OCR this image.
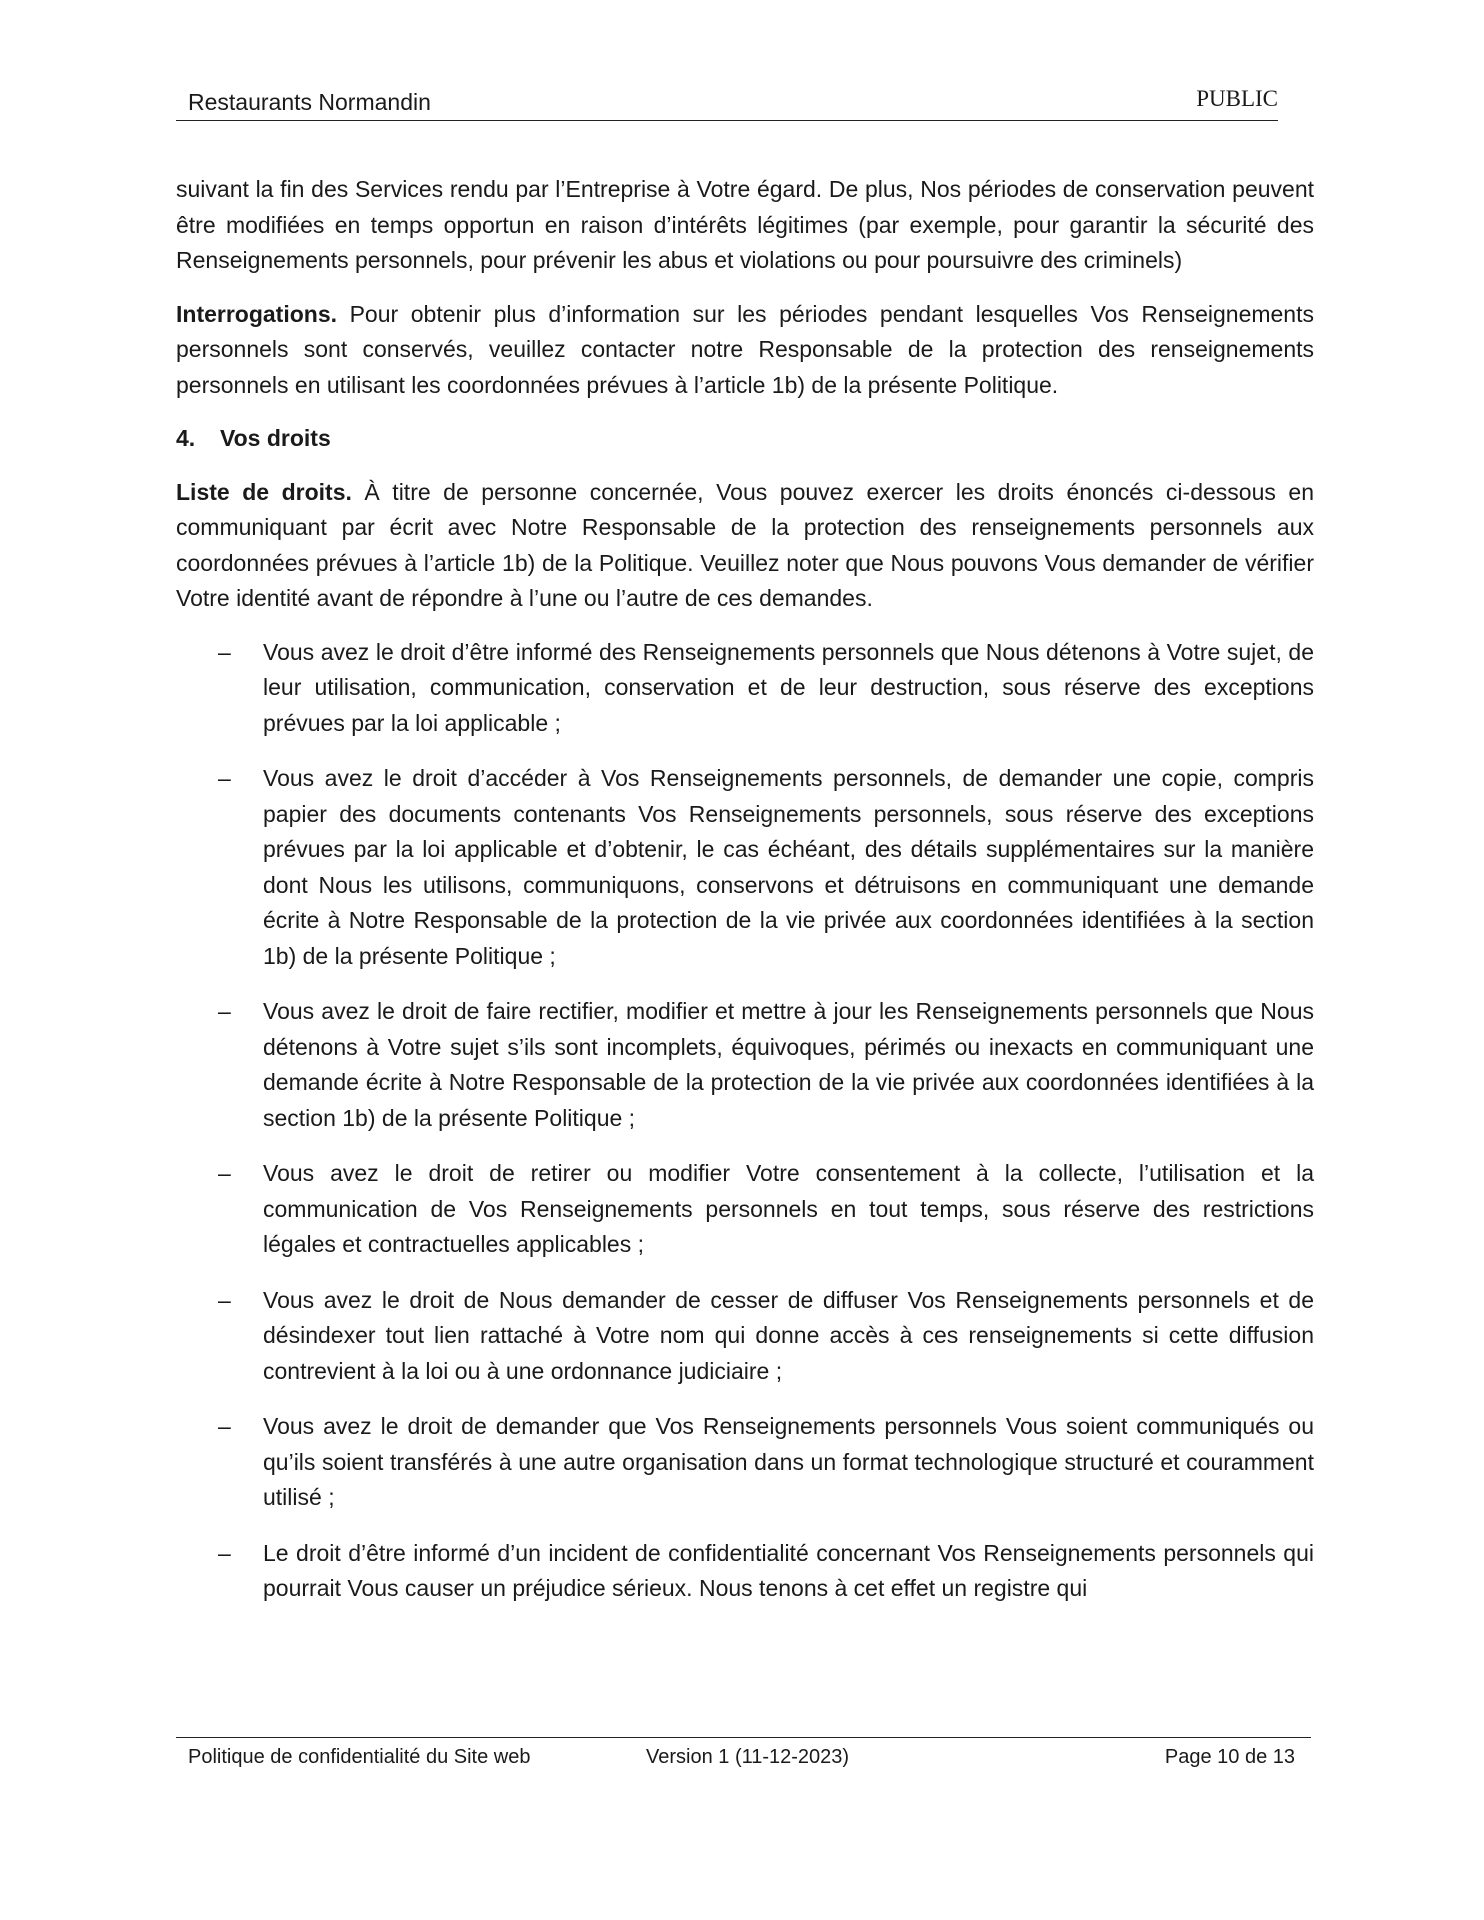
Restaurants Normandin	PUBLIC

suivant la fin des Services rendu par l’Entreprise à Votre égard. De plus, Nos périodes de conservation peuvent être modifiées en temps opportun en raison d’intérêts légitimes (par exemple, pour garantir la sécurité des Renseignements personnels, pour prévenir les abus et violations ou pour poursuivre des criminels)

Interrogations. Pour obtenir plus d’information sur les périodes pendant lesquelles Vos Renseignements personnels sont conservés, veuillez contacter notre Responsable de la protection des renseignements personnels en utilisant les coordonnées prévues à l’article 1b) de la présente Politique.

4. Vos droits

Liste de droits. À titre de personne concernée, Vous pouvez exercer les droits énoncés ci-dessous en communiquant par écrit avec Notre Responsable de la protection des renseignements personnels aux coordonnées prévues à l’article 1b) de la Politique. Veuillez noter que Nous pouvons Vous demander de vérifier Votre identité avant de répondre à l’une ou l’autre de ces demandes.

– Vous avez le droit d’être informé des Renseignements personnels que Nous détenons à Votre sujet, de leur utilisation, communication, conservation et de leur destruction, sous réserve des exceptions prévues par la loi applicable ;
– Vous avez le droit d’accéder à Vos Renseignements personnels, de demander une copie, compris papier des documents contenants Vos Renseignements personnels, sous réserve des exceptions prévues par la loi applicable et d’obtenir, le cas échéant, des détails supplémentaires sur la manière dont Nous les utilisons, communiquons, conservons et détruisons en communiquant une demande écrite à Notre Responsable de la protection de la vie privée aux coordonnées identifiées à la section 1b) de la présente Politique ;
– Vous avez le droit de faire rectifier, modifier et mettre à jour les Renseignements personnels que Nous détenons à Votre sujet s’ils sont incomplets, équivoques, périmés ou inexacts en communiquant une demande écrite à Notre Responsable de la protection de la vie privée aux coordonnées identifiées à la section 1b) de la présente Politique ;
– Vous avez le droit de retirer ou modifier Votre consentement à la collecte, l’utilisation et la communication de Vos Renseignements personnels en tout temps, sous réserve des restrictions légales et contractuelles applicables ;
– Vous avez le droit de Nous demander de cesser de diffuser Vos Renseignements personnels et de désindexer tout lien rattaché à Votre nom qui donne accès à ces renseignements si cette diffusion contrevient à la loi ou à une ordonnance judiciaire ;
– Vous avez le droit de demander que Vos Renseignements personnels Vous soient communiqués ou qu’ils soient transférés à une autre organisation dans un format technologique structuré et couramment utilisé ;
– Le droit d’être informé d’un incident de confidentialité concernant Vos Renseignements personnels qui pourrait Vous causer un préjudice sérieux. Nous tenons à cet effet un registre qui
Politique de confidentialité du Site web	Version 1 (11-12-2023)	Page 10 de 13
